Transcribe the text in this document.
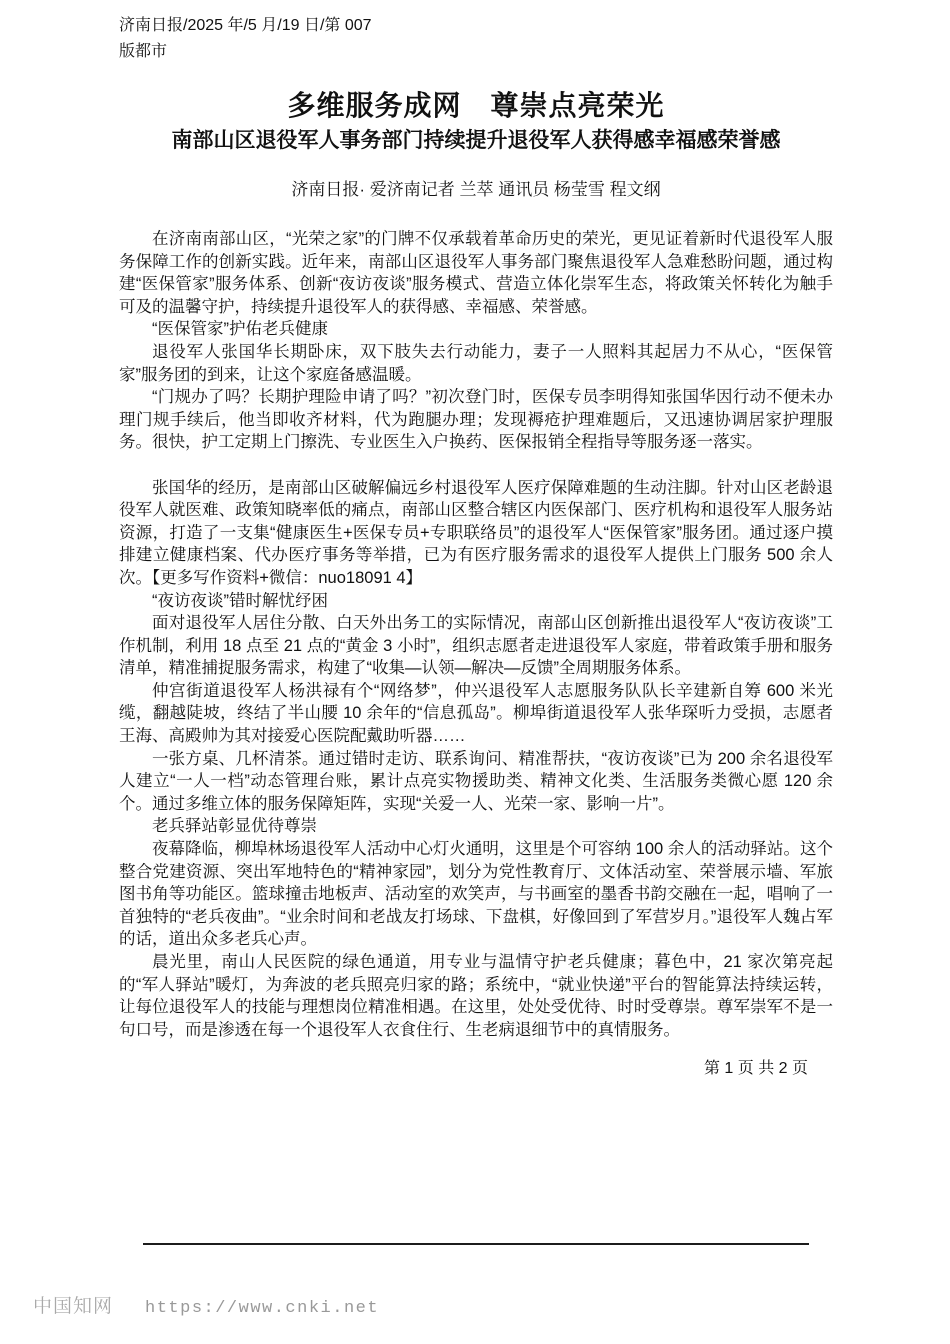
济南日报/2025 年/5 月/19 日/第 007
版都市
多维服务成网　尊崇点亮荣光
南部山区退役军人事务部门持续提升退役军人获得感幸福感荣誉感
济南日报· 爱济南记者 兰萃 通讯员 杨莹雪 程文纲

在济南南部山区，“光荣之家”的门牌不仅承载着革命历史的荣光，更见证着新时代退役军人服务保障工作的创新实践。近年来，南部山区退役军人事务部门聚焦退役军人急难愁盼问题，通过构建“医保管家”服务体系、创新“夜访夜谈”服务模式、营造立体化崇军生态，将政策关怀转化为触手可及的温馨守护，持续提升退役军人的获得感、幸福感、荣誉感。

“医保管家”护佑老兵健康

退役军人张国华长期卧床，双下肢失去行动能力，妻子一人照料其起居力不从心，“医保管家”服务团的到来，让这个家庭备感温暖。

“门规办了吗？长期护理险申请了吗？”初次登门时，医保专员李明得知张国华因行动不便未办理门规手续后，他当即收齐材料，代为跑腿办理；发现褥疮护理难题后，又迅速协调居家护理服务。很快，护工定期上门擦洗、专业医生入户换药、医保报销全程指导等服务逐一落实。

张国华的经历，是南部山区破解偏远乡村退役军人医疗保障难题的生动注脚。针对山区老龄退役军人就医难、政策知晓率低的痛点，南部山区整合辖区内医保部门、医疗机构和退役军人服务站资源，打造了一支集“健康医生+医保专员+专职联络员”的退役军人“医保管家”服务团。通过逐户摸排建立健康档案、代办医疗事务等举措，已为有医疗服务需求的退役军人提供上门服务 500 余人次。【更多写作资料+微信：nuo18091 4】

“夜访夜谈”错时解忧纾困

面对退役军人居住分散、白天外出务工的实际情况，南部山区创新推出退役军人“夜访夜谈”工作机制，利用 18 点至 21 点的“黄金 3 小时”，组织志愿者走进退役军人家庭，带着政策手册和服务清单，精准捕捉服务需求，构建了“收集—认领—解决—反馈”全周期服务体系。

仲宫街道退役军人杨洪禄有个“网络梦”，仲兴退役军人志愿服务队队长辛建新自筹 600 米光缆，翻越陡坡，终结了半山腰 10 余年的“信息孤岛”。柳埠街道退役军人张华琛听力受损，志愿者王海、高殿帅为其对接爱心医院配戴助听器……

一张方桌、几杯清茶。通过错时走访、联系询问、精准帮扶，“夜访夜谈”已为 200 余名退役军人建立“一人一档”动态管理台账，累计点亮实物援助类、精神文化类、生活服务类微心愿 120 余个。通过多维立体的服务保障矩阵，实现“关爱一人、光荣一家、影响一片”。

老兵驿站彰显优待尊崇

夜幕降临，柳埠林场退役军人活动中心灯火通明，这里是个可容纳 100 余人的活动驿站。这个整合党建资源、突出军地特色的“精神家园”，划分为党性教育厅、文体活动室、荣誉展示墙、军旅图书角等功能区。篮球撞击地板声、活动室的欢笑声，与书画室的墨香书韵交融在一起，唱响了一首独特的“老兵夜曲”。“业余时间和老战友打场球、下盘棋，好像回到了军营岁月。”退役军人魏占军的话，道出众多老兵心声。

晨光里，南山人民医院的绿色通道，用专业与温情守护老兵健康；暮色中，21 家次第亮起的“军人驿站”暖灯，为奔波的老兵照亮归家的路；系统中，“就业快递”平台的智能算法持续运转，让每位退役军人的技能与理想岗位精准相遇。在这里，处处受优待、时时受尊崇。尊军崇军不是一句口号，而是渗透在每一个退役军人衣食住行、生老病退细节中的真情服务。

第 1 页 共 2 页
中国知网 https://www.cnki.net
